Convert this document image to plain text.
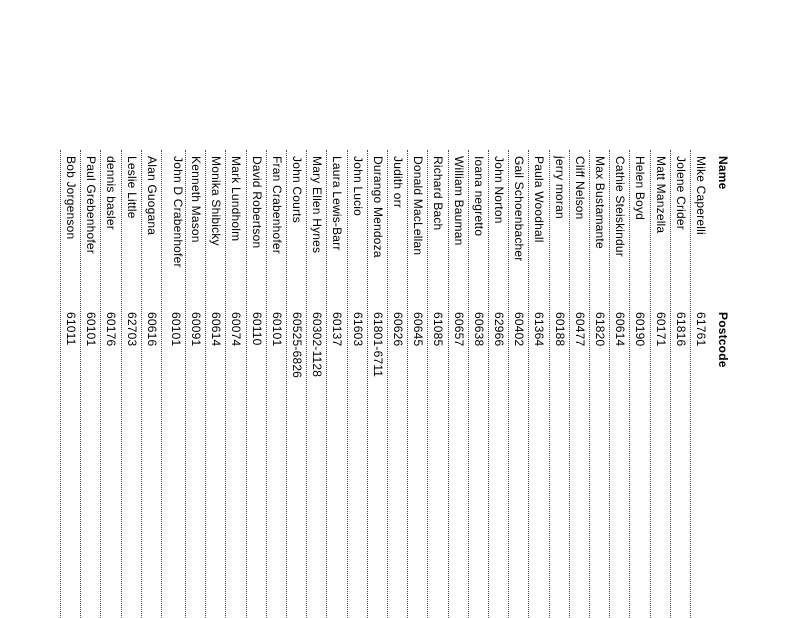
Name
Postcode
Mike Caperelli
61761
Jolene Crider
61816
Matt Manzella
60171
Helen Boyd
60190
Cathie Steiskindur
60614
Max Bustamante
61820
Cliff Nelson
60477
jerry moran
60188
Paula Woodhall
61364
Gail Schoenbacher
60402
John Norton
62966
Ioana negretto
60638
William Bauman
60657
Richard Bach
61085
Donald MacLellan
60645
Judith orr
60626
Durango Mendoza
61801-6711
John Lucio
61603
Laura Lewis-Barr
60137
Mary Ellen Hynes
60302-1128
John Courts
60525-6826
Fran Crabenhofer
60101
David Robertson
60110
Mark Lundholm
60074
Monika Shibicky
60614
Kenneth Mason
60091
John D Crabenhofer
60101
Alan Guogana
60616
Leslie Little
62703
dennis basler
60176
Paul Grebenhofer
60101
Bob Jorgenson
61011
